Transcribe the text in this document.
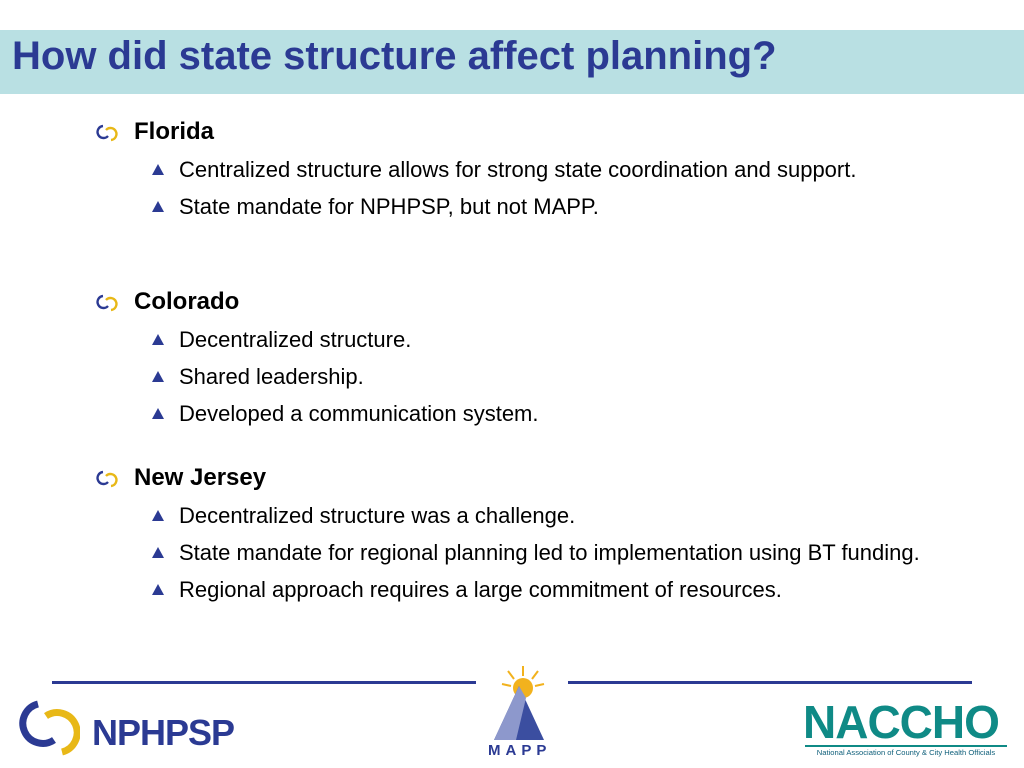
How did state structure affect planning?
Florida
Centralized structure allows for strong state coordination and support.
State mandate for NPHPSP, but not MAPP.
Colorado
Decentralized structure.
Shared leadership.
Developed a communication system.
New Jersey
Decentralized structure was a challenge.
State mandate for regional planning led to implementation using BT funding.
Regional approach requires a large commitment of resources.
NPHPSP	MAPP
NACCHO
National Association of County & City Health Officials
